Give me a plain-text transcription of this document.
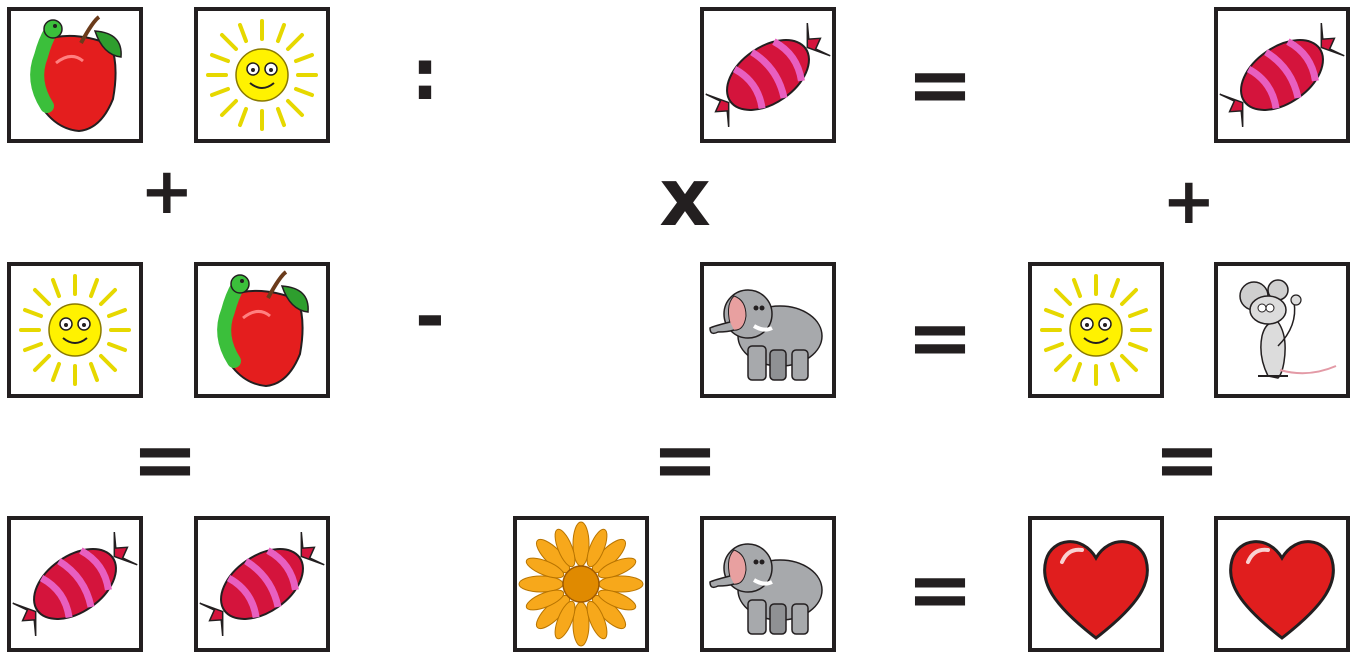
:	=
+	x	+
-	=
=	=	=
=
